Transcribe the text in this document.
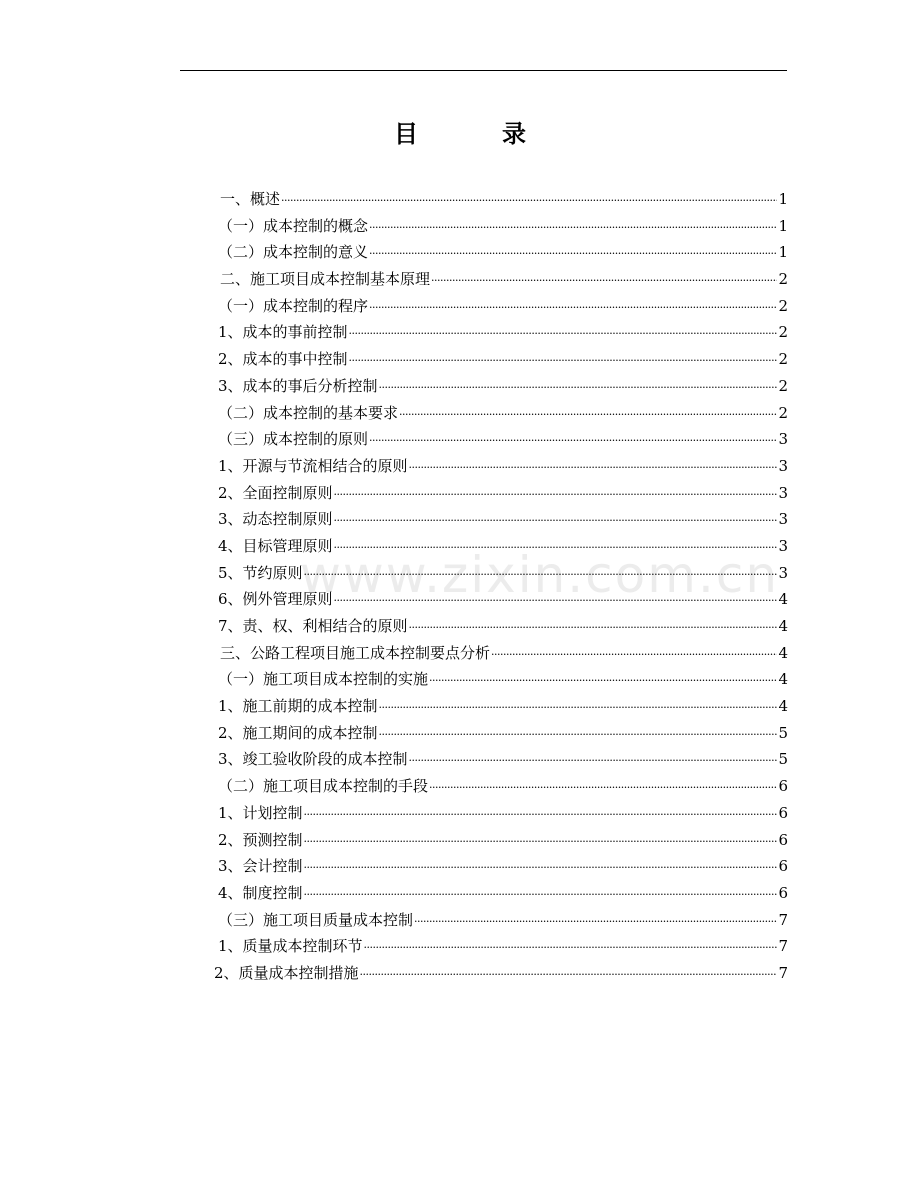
目　录
www.zixin.com.cn
一、概述 ·····	1
（一）成本控制的概念 ·····	1
（二）成本控制的意义 ·····	1
二、施工项目成本控制基本原理 ·····	2
（一）成本控制的程序 ·····	2
1、成本的事前控制 ·····	2
2、成本的事中控制 ·····	2
3、成本的事后分析控制 ·····	2
（二）成本控制的基本要求 ·····	2
（三）成本控制的原则 ·····	3
1、开源与节流相结合的原则 ·····	3
2、全面控制原则 ·····	3
3、动态控制原则 ·····	3
4、目标管理原则 ·····	3
5、节约原则 ·····	3
6、例外管理原则 ·····	4
7、责、权、利相结合的原则 ·····	4
三、公路工程项目施工成本控制要点分析 ·····	4
（一）施工项目成本控制的实施 ·····	4
1、施工前期的成本控制 ·····	4
2、施工期间的成本控制 ·····	5
3、竣工验收阶段的成本控制 ·····	5
（二）施工项目成本控制的手段 ·····	6
1、计划控制 ·····	6
2、预测控制 ·····	6
3、会计控制 ·····	6
4、制度控制 ·····	6
（三）施工项目质量成本控制 ·····	7
1、质量成本控制环节 ·····	7
2、质量成本控制措施 ·····	7
